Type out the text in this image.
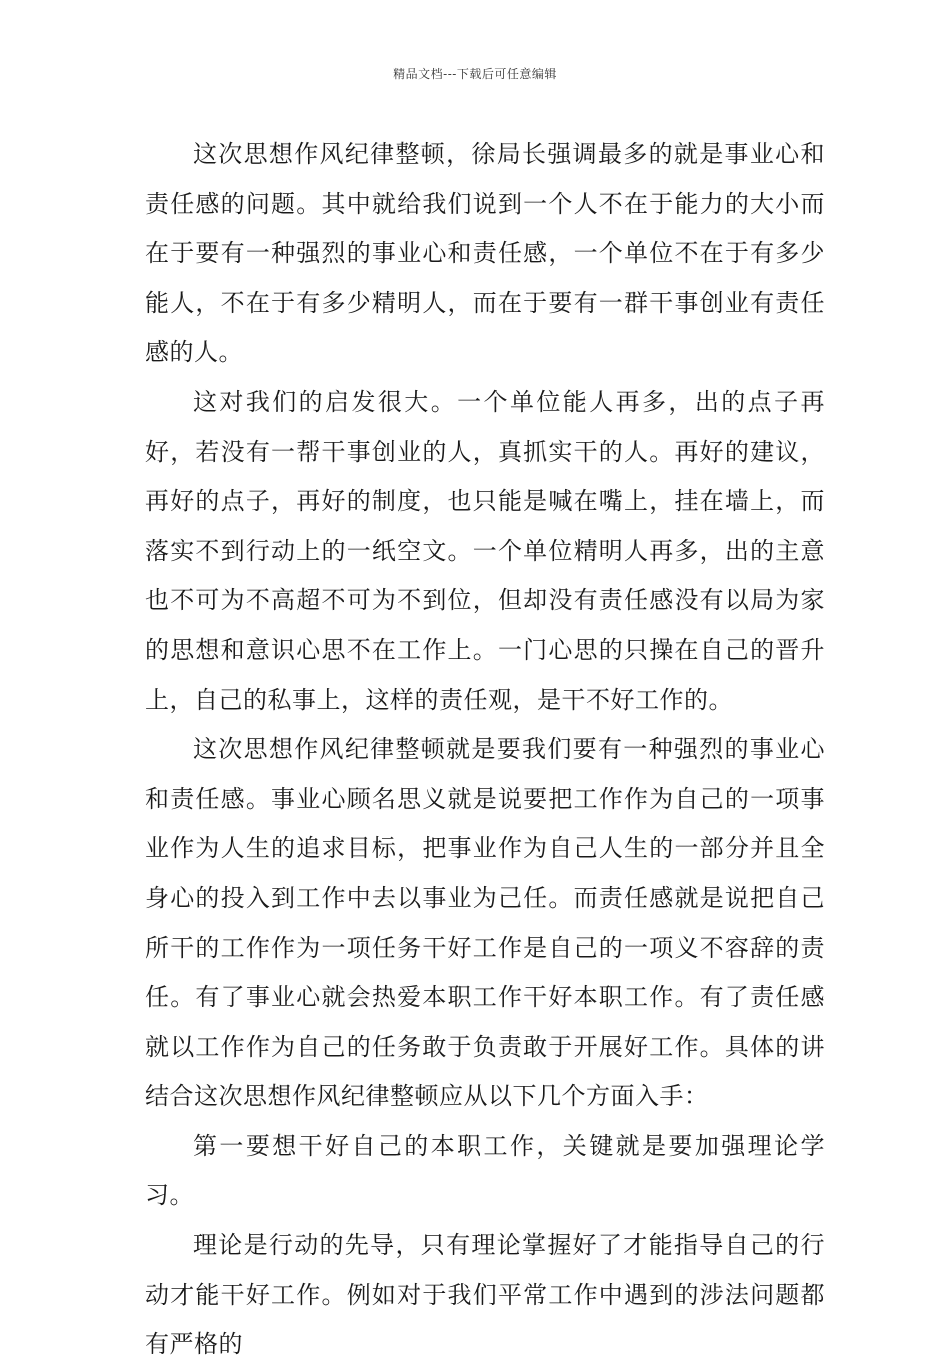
精品文档---下载后可任意编辑

这次思想作风纪律整顿，徐局长强调最多的就是事业心和责任感的问题。其中就给我们说到一个人不在于能力的大小而在于要有一种强烈的事业心和责任感，一个单位不在于有多少能人，不在于有多少精明人，而在于要有一群干事创业有责任感的人。

这对我们的启发很大。一个单位能人再多，出的点子再好，若没有一帮干事创业的人，真抓实干的人。再好的建议，再好的点子，再好的制度，也只能是喊在嘴上，挂在墙上，而落实不到行动上的一纸空文。一个单位精明人再多，出的主意也不可为不高超不可为不到位，但却没有责任感没有以局为家的思想和意识心思不在工作上。一门心思的只操在自己的晋升上，自己的私事上，这样的责任观，是干不好工作的。

这次思想作风纪律整顿就是要我们要有一种强烈的事业心和责任感。事业心顾名思义就是说要把工作作为自己的一项事业作为人生的追求目标，把事业作为自己人生的一部分并且全身心的投入到工作中去以事业为己任。而责任感就是说把自己所干的工作作为一项任务干好工作是自己的一项义不容辞的责任。有了事业心就会热爱本职工作干好本职工作。有了责任感就以工作作为自己的任务敢于负责敢于开展好工作。具体的讲结合这次思想作风纪律整顿应从以下几个方面入手：

第一要想干好自己的本职工作，关键就是要加强理论学习。

理论是行动的先导，只有理论掌握好了才能指导自己的行动才能干好工作。例如对于我们平常工作中遇到的涉法问题都有严格的
